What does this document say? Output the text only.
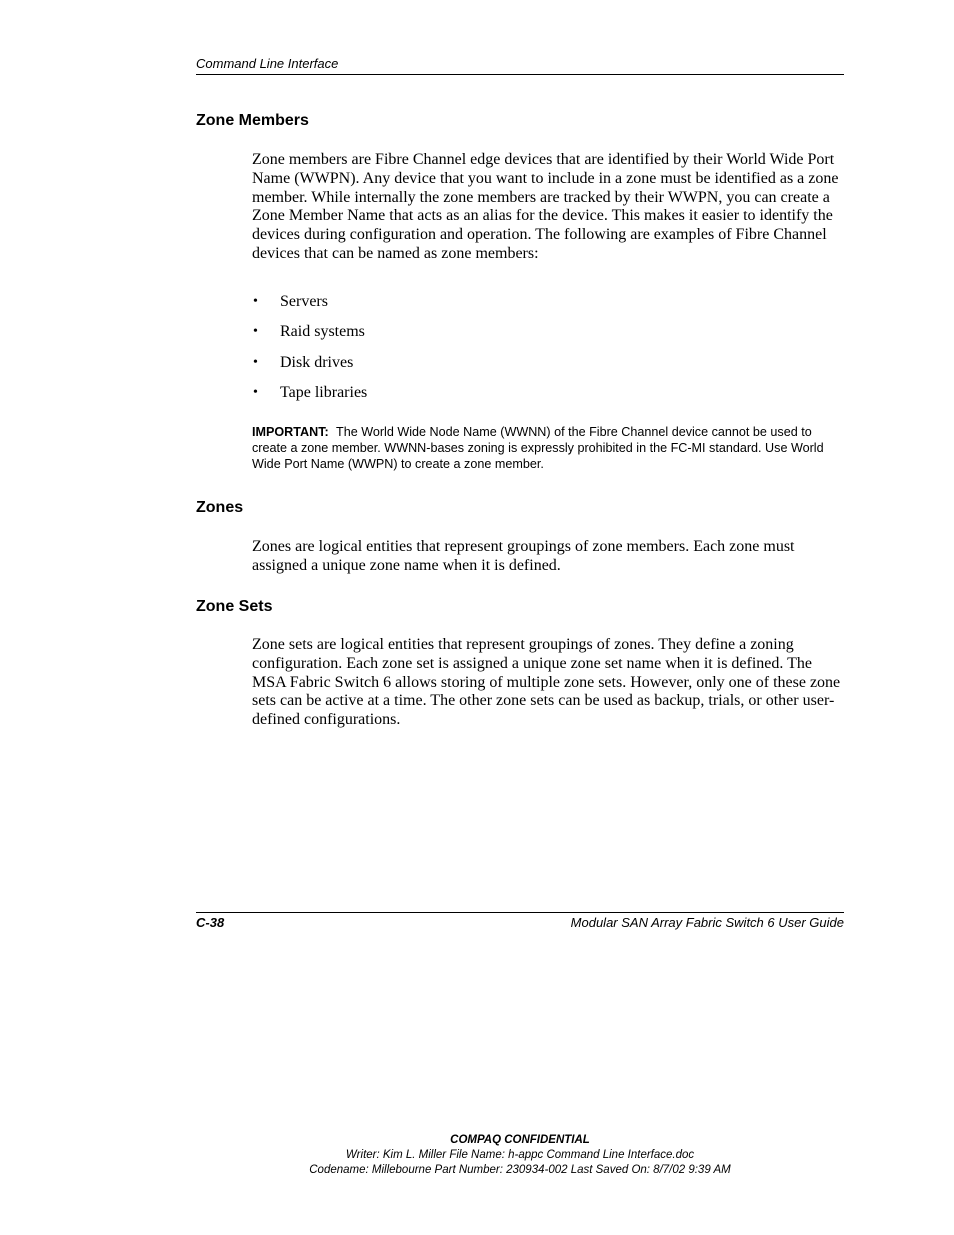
Command Line Interface
Zone Members

Zone members are Fibre Channel edge devices that are identified by their World Wide Port Name (WWPN). Any device that you want to include in a zone must be identified as a zone member. While internally the zone members are tracked by their WWPN, you can create a Zone Member Name that acts as an alias for the device. This makes it easier to identify the devices during configuration and operation. The following are examples of Fibre Channel devices that can be named as zone members:

• Servers
• Raid systems
• Disk drives
• Tape libraries

IMPORTANT: The World Wide Node Name (WWNN) of the Fibre Channel device cannot be used to create a zone member. WWNN-bases zoning is expressly prohibited in the FC-MI standard. Use World Wide Port Name (WWPN) to create a zone member.

Zones

Zones are logical entities that represent groupings of zone members. Each zone must assigned a unique zone name when it is defined.

Zone Sets

Zone sets are logical entities that represent groupings of zones. They define a zoning configuration. Each zone set is assigned a unique zone set name when it is defined. The MSA Fabric Switch 6 allows storing of multiple zone sets. However, only one of these zone sets can be active at a time. The other zone sets can be used as backup, trials, or other user-defined configurations.

C-38	Modular SAN Array Fabric Switch 6 User Guide
COMPAQ CONFIDENTIAL
Writer: Kim L. Miller File Name: h-appc Command Line Interface.doc
Codename: Millebourne Part Number: 230934-002 Last Saved On: 8/7/02 9:39 AM
